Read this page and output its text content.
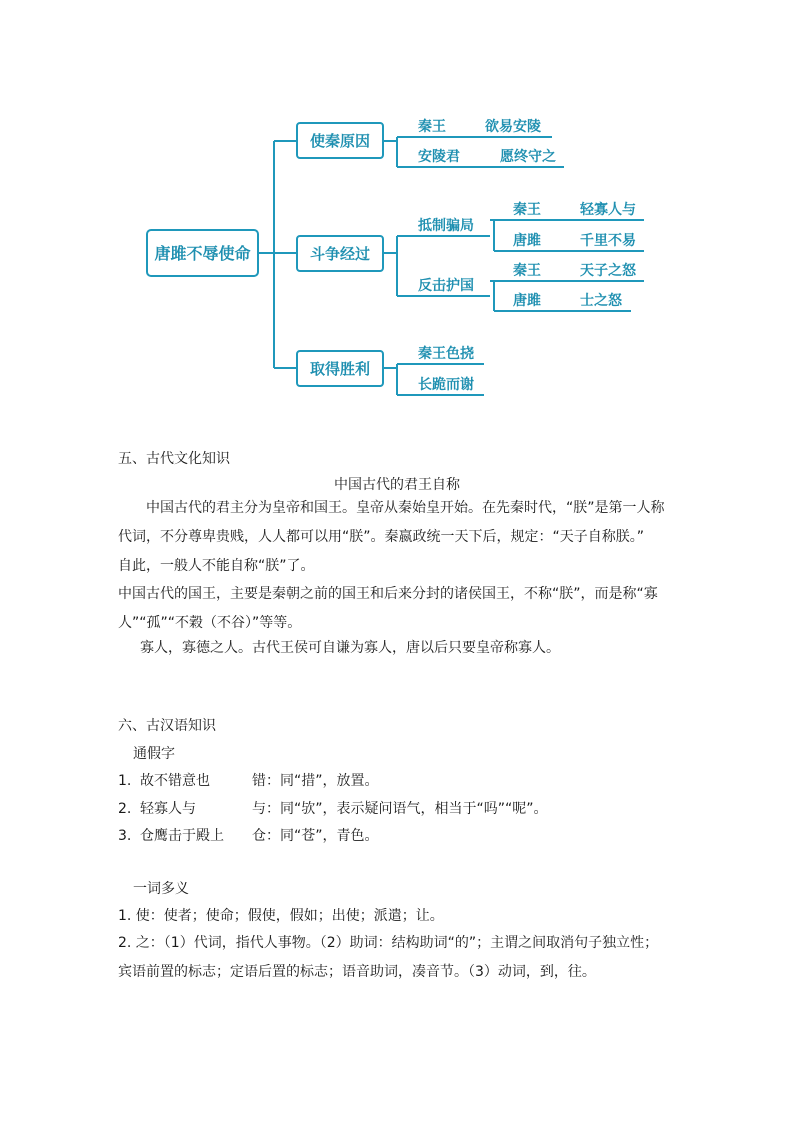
唐雎不辱使命
使秦原因
斗争经过
取得胜利
秦王	欲易安陵
安陵君	愿终守之
抵制骗局
秦王	轻寡人与
唐雎	千里不易
反击护国
秦王	天子之怒
唐雎	士之怒
秦王色挠
长跪而谢
五、古代文化知识
中国古代的君王自称
中国古代的君主分为皇帝和国王。皇帝从秦始皇开始。在先秦时代，“朕”是第一人称
代词，不分尊卑贵贱，人人都可以用“朕”。秦嬴政统一天下后，规定：“天子自称朕。”
自此，一般人不能自称“朕”了。
中国古代的国王，主要是秦朝之前的国王和后来分封的诸侯国王，不称“朕”，而是称“寡
人”“孤”“不穀（不谷）”等等。
寡人，寡德之人。古代王侯可自谦为寡人，唐以后只要皇帝称寡人。
六、古汉语知识
通假字
1. 故不错意也	错：同“措”，放置。
2. 轻寡人与	与：同“欤”，表示疑问语气，相当于“吗”“呢”。
3. 仓鹰击于殿上 仓：同“苍”，青色。
一词多义
1. 使：使者；使命；假使，假如；出使；派遣；让。
2. 之：（1）代词，指代人事物。（2）助词：结构助词“的”；主谓之间取消句子独立性；
宾语前置的标志；定语后置的标志；语音助词，凑音节。（3）动词，到，往。
